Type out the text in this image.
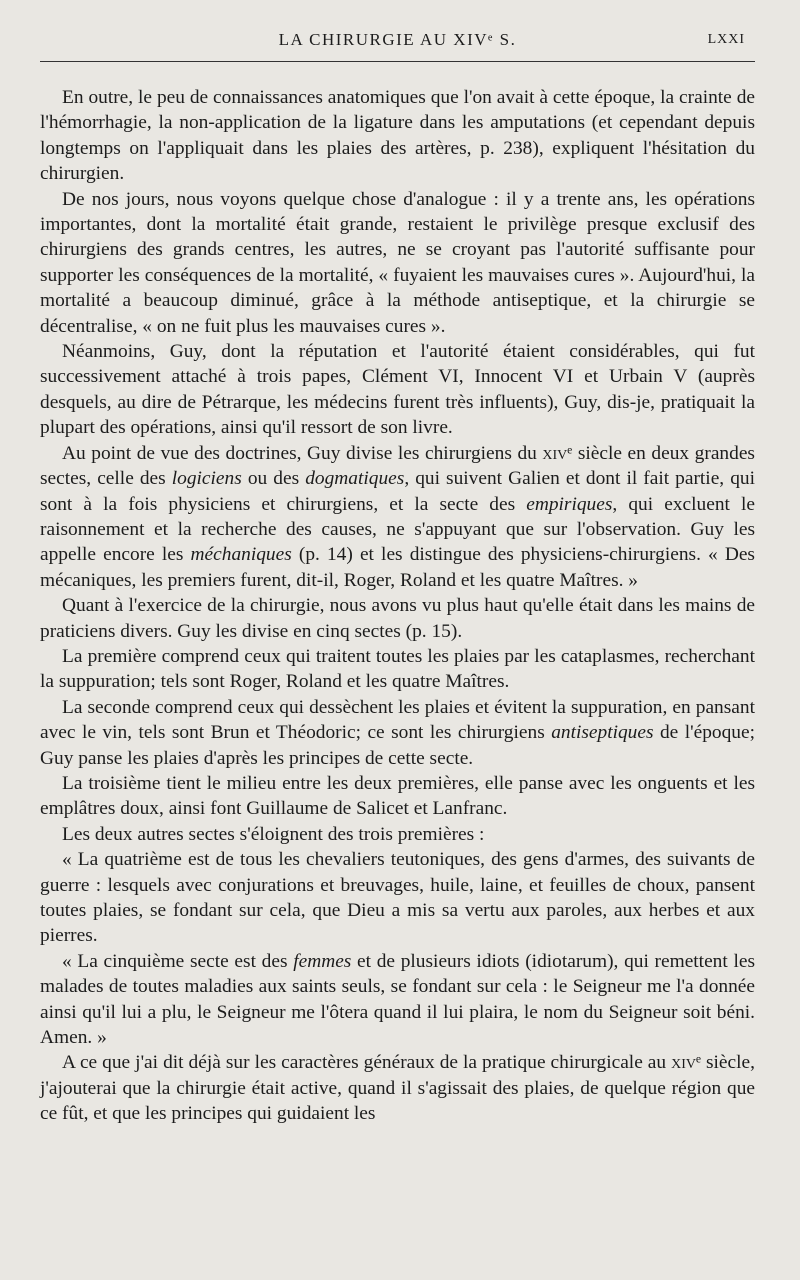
LA CHIRURGIE AU XIVᵉ S.	LXXI

En outre, le peu de connaissances anatomiques que l'on avait à cette époque, la crainte de l'hémorrhagie, la non-application de la ligature dans les amputations (et cependant depuis longtemps on l'appliquait dans les plaies des artères, p. 238), expliquent l'hésitation du chirurgien.

De nos jours, nous voyons quelque chose d'analogue : il y a trente ans, les opérations importantes, dont la mortalité était grande, restaient le privilège presque exclusif des chirurgiens des grands centres, les autres, ne se croyant pas l'autorité suffisante pour supporter les conséquences de la mortalité, « fuyaient les mauvaises cures ». Aujourd'hui, la mortalité a beaucoup diminué, grâce à la méthode antiseptique, et la chirurgie se décentralise, « on ne fuit plus les mauvaises cures ».

Néanmoins, Guy, dont la réputation et l'autorité étaient considérables, qui fut successivement attaché à trois papes, Clément VI, Innocent VI et Urbain V (auprès desquels, au dire de Pétrarque, les médecins furent très influents), Guy, dis-je, pratiquait la plupart des opérations, ainsi qu'il ressort de son livre.

Au point de vue des doctrines, Guy divise les chirurgiens du xivᵉ siècle en deux grandes sectes, celle des logiciens ou des dogmatiques, qui suivent Galien et dont il fait partie, qui sont à la fois physiciens et chirurgiens, et la secte des empiriques, qui excluent le raisonnement et la recherche des causes, ne s'appuyant que sur l'observation. Guy les appelle encore les méchaniques (p. 14) et les distingue des physiciens-chirurgiens. « Des mécaniques, les premiers furent, dit-il, Roger, Roland et les quatre Maîtres. »

Quant à l'exercice de la chirurgie, nous avons vu plus haut qu'elle était dans les mains de praticiens divers. Guy les divise en cinq sectes (p. 15).

La première comprend ceux qui traitent toutes les plaies par les cataplasmes, recherchant la suppuration; tels sont Roger, Roland et les quatre Maîtres.

La seconde comprend ceux qui dessèchent les plaies et évitent la suppuration, en pansant avec le vin, tels sont Brun et Théodoric; ce sont les chirurgiens antiseptiques de l'époque; Guy panse les plaies d'après les principes de cette secte.

La troisième tient le milieu entre les deux premières, elle panse avec les onguents et les emplâtres doux, ainsi font Guillaume de Salicet et Lanfranc.

Les deux autres sectes s'éloignent des trois premières :

« La quatrième est de tous les chevaliers teutoniques, des gens d'armes, des suivants de guerre : lesquels avec conjurations et breuvages, huile, laine, et feuilles de choux, pansent toutes plaies, se fondant sur cela, que Dieu a mis sa vertu aux paroles, aux herbes et aux pierres.

« La cinquième secte est des femmes et de plusieurs idiots (idiotarum), qui remettent les malades de toutes maladies aux saints seuls, se fondant sur cela : le Seigneur me l'a donnée ainsi qu'il lui a plu, le Seigneur me l'ôtera quand il lui plaira, le nom du Seigneur soit béni. Amen. »

A ce que j'ai dit déjà sur les caractères généraux de la pratique chirurgicale au xivᵉ siècle, j'ajouterai que la chirurgie était active, quand il s'agissait des plaies, de quelque région que ce fût, et que les principes qui guidaient les
